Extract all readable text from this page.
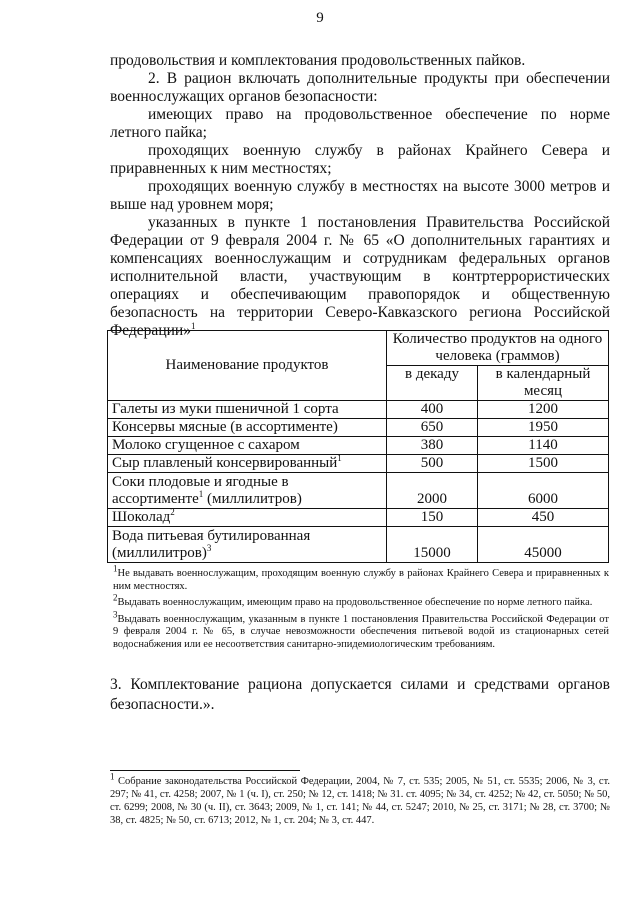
9

продовольствия и комплектования продовольственных пайков.

2. В рацион включать дополнительные продукты при обеспечении военнослужащих органов безопасности:

имеющих право на продовольственное обеспечение по норме летного пайка;

проходящих военную службу в районах Крайнего Севера и приравненных к ним местностях;

проходящих военную службу в местностях на высоте 3000 метров и выше над уровнем моря;

указанных в пункте 1 постановления Правительства Российской Федерации от 9 февраля 2004 г. № 65 «О дополнительных гарантиях и компенсациях военнослужащим и сотрудникам федеральных органов исполнительной власти, участвующим в контртеррористических операциях и обеспечивающим правопорядок и общественную безопасность на территории Северо-Кавказского региона Российской Федерации»$^1$

Наименование продуктов	Количество продуктов на одного человека (граммов)	
	в декаду	в календарный месяц
Галеты из муки пшеничной 1 сорта	400	1200
Консервы мясные (в ассортименте)	650	1950
Молоко сгущенное с сахаром	380	1140
Сыр плавленый консервированный$^1$	500	1500
Соки плодовые и ягодные в ассортименте$^1$ (миллилитров)	2000	6000
Шоколад$^2$	150	450
Вода питьевая бутилированная (миллилитров)$^3$	15000	45000

$^1$Не выдавать военнослужащим, проходящим военную службу в районах Крайнего Севера и приравненных к ним местностях.

$^2$Выдавать военнослужащим, имеющим право на продовольственное обеспечение по норме летного пайка.

$^3$Выдавать военнослужащим, указанным в пункте 1 постановления Правительства Российской Федерации от 9 февраля 2004 г. № 65, в случае невозможности обеспечения питьевой водой из стационарных сетей водоснабжения или ее несоответствия санитарно-эпидемиологическим требованиям.

3. Комплектование рациона допускается силами и средствами органов безопасности.».
$^1$ Собрание законодательства Российской Федерации, 2004, № 7, ст. 535; 2005, № 51, ст. 5535; 2006, № 3, ст. 297; № 41, ст. 4258; 2007, № 1 (ч. I), ст. 250; № 12, ст. 1418; № 31. ст. 4095; № 34, ст. 4252; № 42, ст. 5050; № 50, ст. 6299; 2008, № 30 (ч. II), ст. 3643; 2009, № 1, ст. 141; № 44, ст. 5247; 2010, № 25, ст. 3171; № 28, ст. 3700; № 38, ст. 4825; № 50, ст. 6713; 2012, № 1, ст. 204; № 3, ст. 447.
